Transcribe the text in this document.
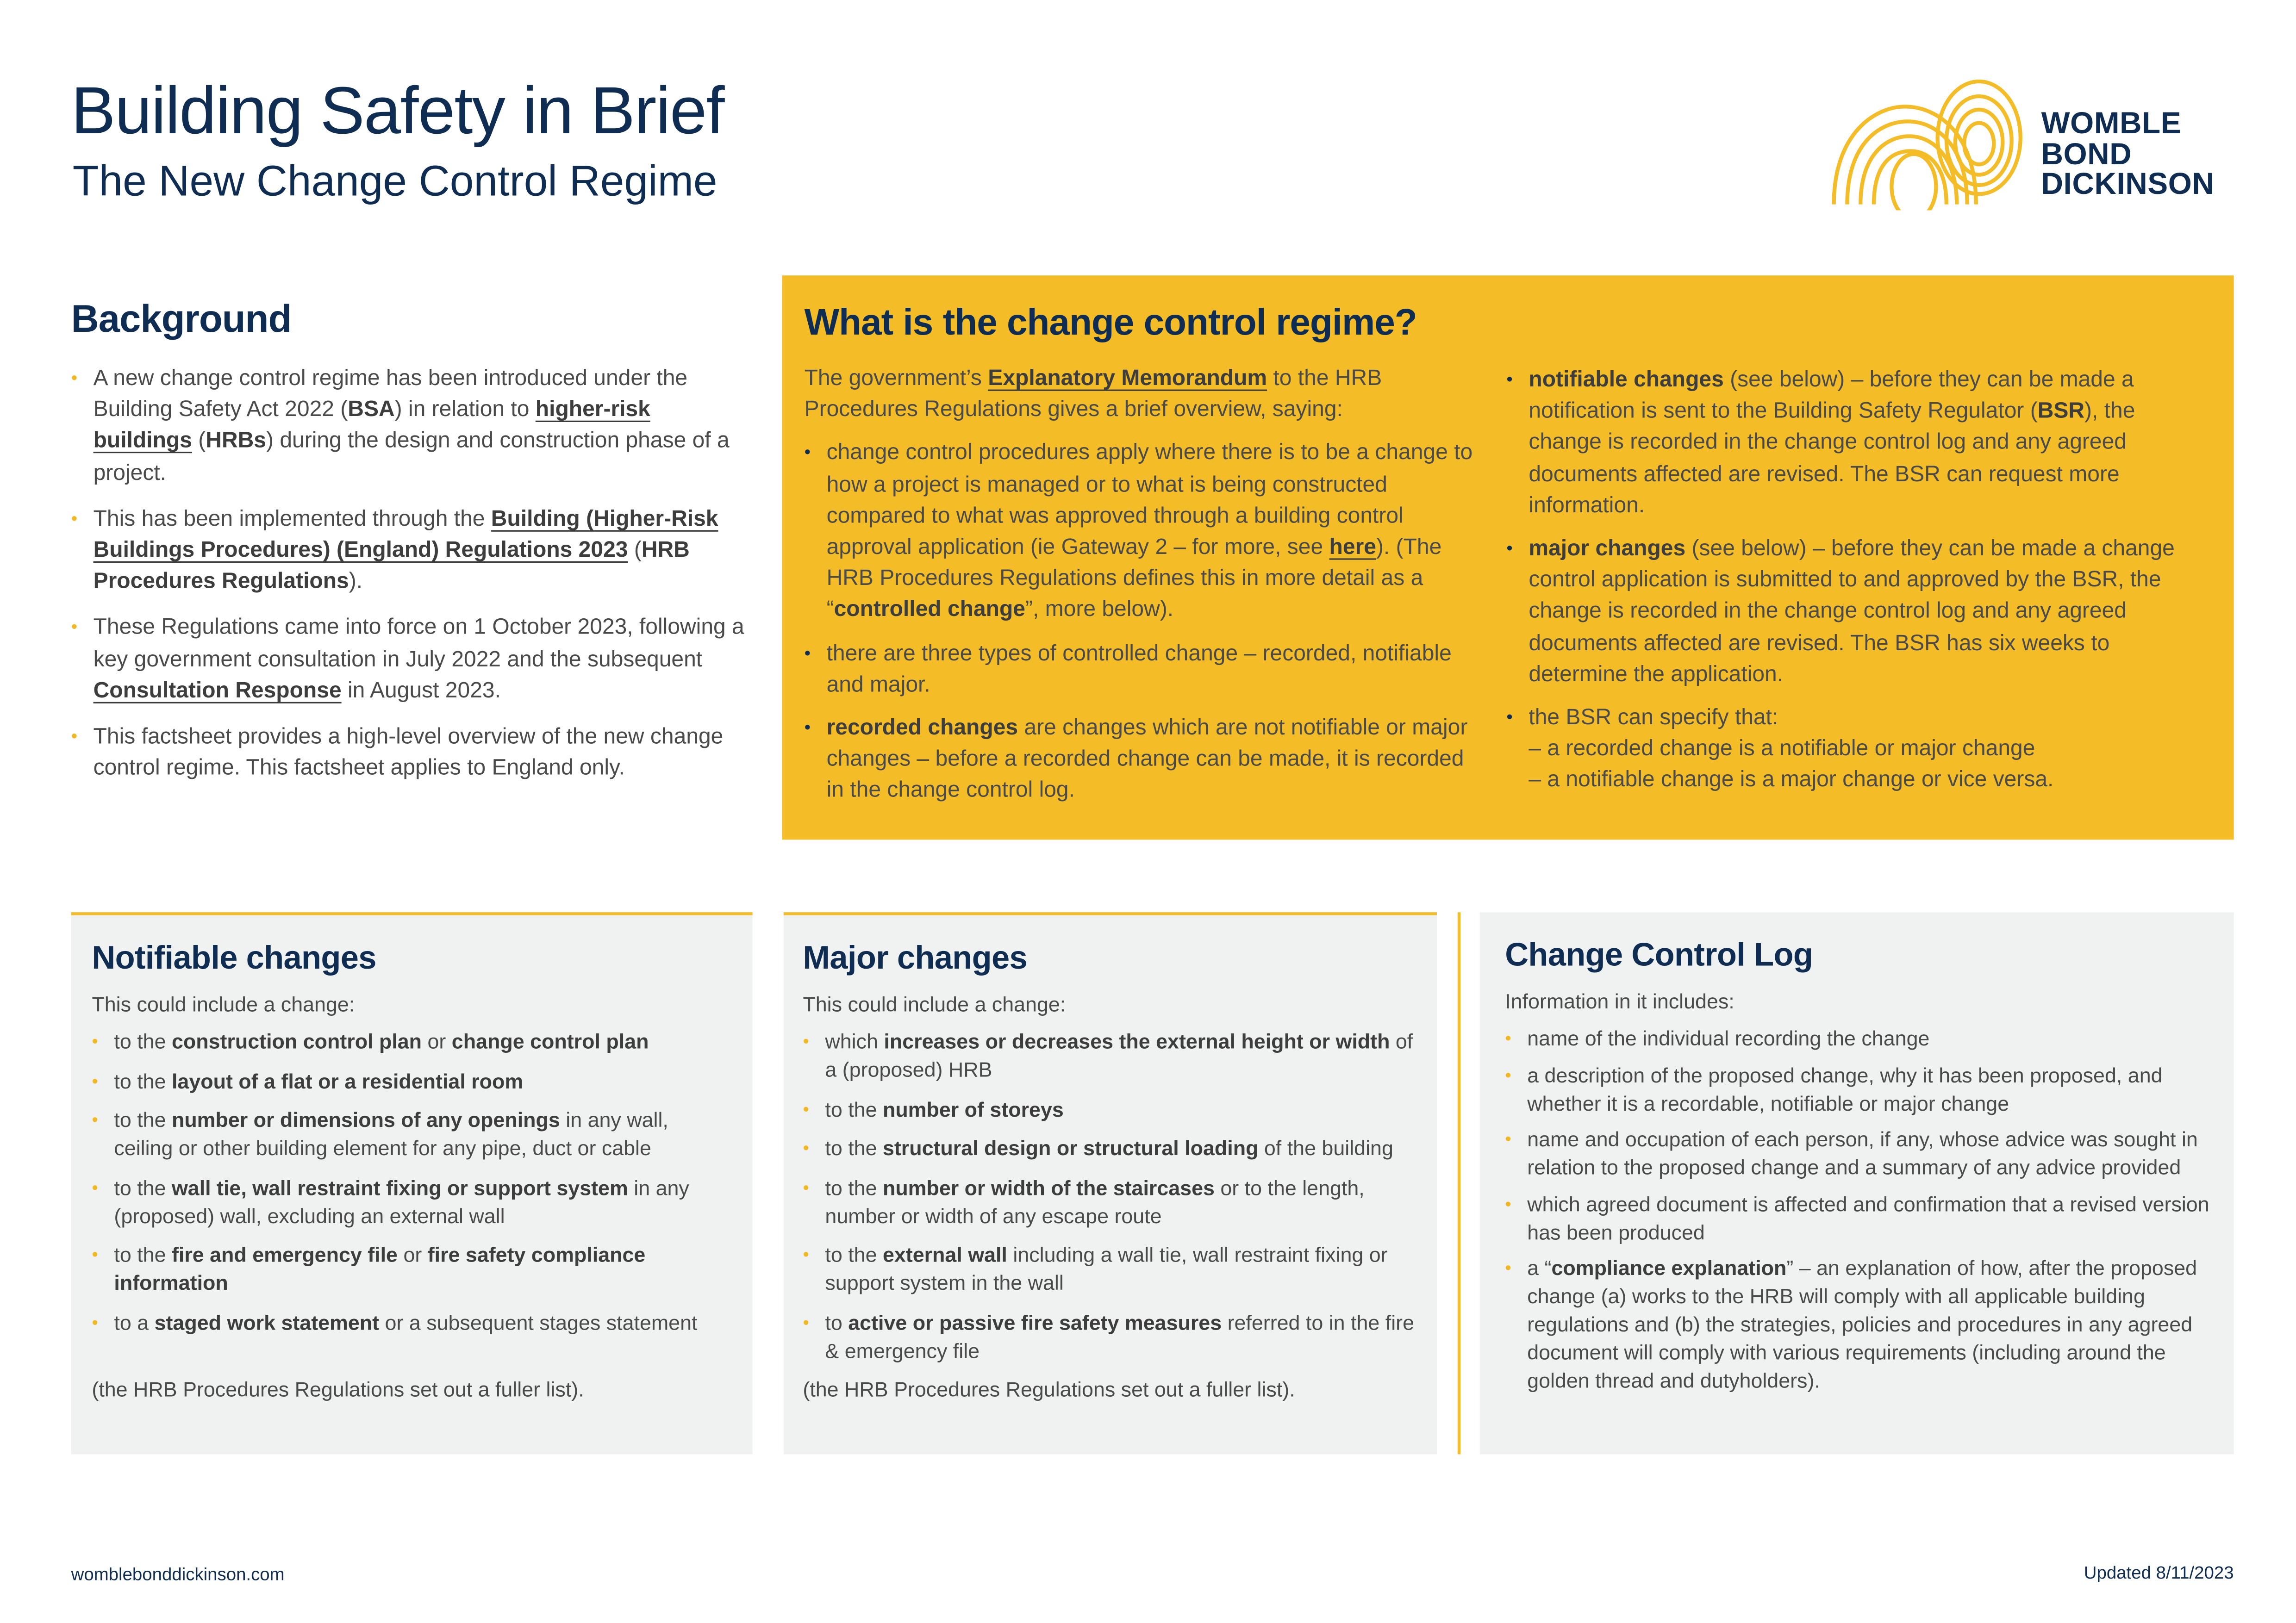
Building Safety in Brief
The New Change Control Regime
WOMBLE
BOND
DICKINSON
Background
• A new change control regime has been introduced under the Building Safety Act 2022 (BSA) in relation to higher-risk buildings (HRBs) during the design and construction phase of a project.
• This has been implemented through the Building (Higher-Risk Buildings Procedures) (England) Regulations 2023 (HRB Procedures Regulations).
• These Regulations came into force on 1 October 2023, following a key government consultation in July 2022 and the subsequent Consultation Response in August 2023.
• This factsheet provides a high-level overview of the new change control regime. This factsheet applies to England only.
What is the change control regime?

The government’s Explanatory Memorandum to the HRB Procedures Regulations gives a brief overview, saying:

• change control procedures apply where there is to be a change to how a project is managed or to what is being constructed compared to what was approved through a building control approval application (ie Gateway 2 – for more, see here). (The HRB Procedures Regulations defines this in more detail as a “controlled change”, more below).
• there are three types of controlled change – recorded, notifiable and major.
• recorded changes are changes which are not notifiable or major changes – before a recorded change can be made, it is recorded in the change control log.
• notifiable changes (see below) – before they can be made a notification is sent to the Building Safety Regulator (BSR), the change is recorded in the change control log and any agreed documents affected are revised. The BSR can request more information.
• major changes (see below) – before they can be made a change control application is submitted to and approved by the BSR, the change is recorded in the change control log and any agreed documents affected are revised. The BSR has six weeks to determine the application.
• the BSR can specify that:
– a recorded change is a notifiable or major change
– a notifiable change is a major change or vice versa.
Notifiable changes
This could include a change:
• to the construction control plan or change control plan
• to the layout of a flat or a residential room
• to the number or dimensions of any openings in any wall, ceiling or other building element for any pipe, duct or cable
• to the wall tie, wall restraint fixing or support system in any (proposed) wall, excluding an external wall
• to the fire and emergency file or fire safety compliance information
• to a staged work statement or a subsequent stages statement
(the HRB Procedures Regulations set out a fuller list).
Major changes
This could include a change:
• which increases or decreases the external height or width of a (proposed) HRB
• to the number of storeys
• to the structural design or structural loading of the building
• to the number or width of the staircases or to the length, number or width of any escape route
• to the external wall including a wall tie, wall restraint fixing or support system in the wall
• to active or passive fire safety measures referred to in the fire & emergency file
(the HRB Procedures Regulations set out a fuller list).
Change Control Log
Information in it includes:
• name of the individual recording the change
• a description of the proposed change, why it has been proposed, and whether it is a recordable, notifiable or major change
• name and occupation of each person, if any, whose advice was sought in relation to the proposed change and a summary of any advice provided
• which agreed document is affected and confirmation that a revised version has been produced
• a “compliance explanation” – an explanation of how, after the proposed change (a) works to the HRB will comply with all applicable building regulations and (b) the strategies, policies and procedures in any agreed document will comply with various requirements (including around the golden thread and dutyholders).
womblebonddickinson.com	Updated 8/11/2023
